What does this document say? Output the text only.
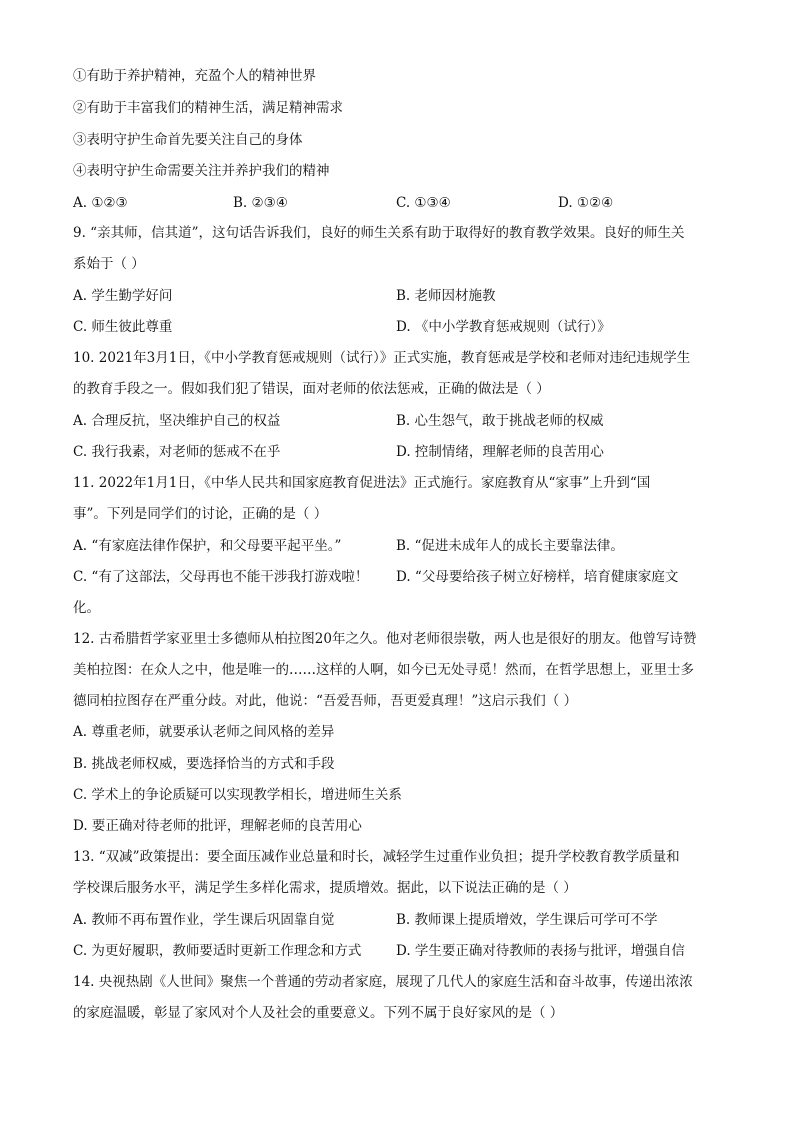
①有助于养护精神，充盈个人的精神世界
②有助于丰富我们的精神生活，满足精神需求
③表明守护生命首先要关注自己的身体
④表明守护生命需要关注并养护我们的精神
A. ①②③	B. ②③④	C. ①③④	D. ①②④
9. “亲其师，信其道”，这句话告诉我们，良好的师生关系有助于取得好的教育教学效果。良好的师生关
系始于（ ）
A. 学生勤学好问	B. 老师因材施教
C. 师生彼此尊重	D. 《中小学教育惩戒规则（试行）》
10. 2021年3月1日，《中小学教育惩戒规则（试行）》正式实施，教育惩戒是学校和老师对违纪违规学生
的教育手段之一。假如我们犯了错误，面对老师的依法惩戒，正确的做法是（ ）
A. 合理反抗，坚决维护自己的权益	B. 心生怨气，敢于挑战老师的权威
C. 我行我素，对老师的惩戒不在乎	D. 控制情绪，理解老师的良苦用心
11. 2022年1月1日，《中华人民共和国家庭教育促进法》正式施行。家庭教育从“家事”上升到“国
事”。下列是同学们的讨论，正确的是（ ）
A. “有家庭法律作保护，和父母要平起平坐。”	B. “促进未成年人的成长主要靠法律。
C. “有了这部法，父母再也不能干涉我打游戏啦！ D. “父母要给孩子树立好榜样，培育健康家庭文
化。
12. 古希腊哲学家亚里士多德师从柏拉图20年之久。他对老师很崇敬，两人也是很好的朋友。他曾写诗赞
美柏拉图：在众人之中，他是唯一的……这样的人啊，如今已无处寻觅！然而，在哲学思想上，亚里士多
德同柏拉图存在严重分歧。对此，他说：“吾爱吾师，吾更爱真理！”这启示我们（ ）
A. 尊重老师，就要承认老师之间风格的差异
B. 挑战老师权威，要选择恰当的方式和手段
C. 学术上的争论质疑可以实现教学相长，增进师生关系
D. 要正确对待老师的批评，理解老师的良苦用心
13. “双减”政策提出：要全面压减作业总量和时长，减轻学生过重作业负担；提升学校教育教学质量和
学校课后服务水平，满足学生多样化需求，提质增效。据此，以下说法正确的是（ ）
A. 教师不再布置作业，学生课后巩固靠自觉	B. 教师课上提质增效，学生课后可学可不学
C. 为更好履职，教师要适时更新工作理念和方式	D. 学生要正确对待教师的表扬与批评，增强自信
14. 央视热剧《人世间》聚焦一个普通的劳动者家庭，展现了几代人的家庭生活和奋斗故事，传递出浓浓
的家庭温暖，彰显了家风对个人及社会的重要意义。下列不属于良好家风的是（ ）
